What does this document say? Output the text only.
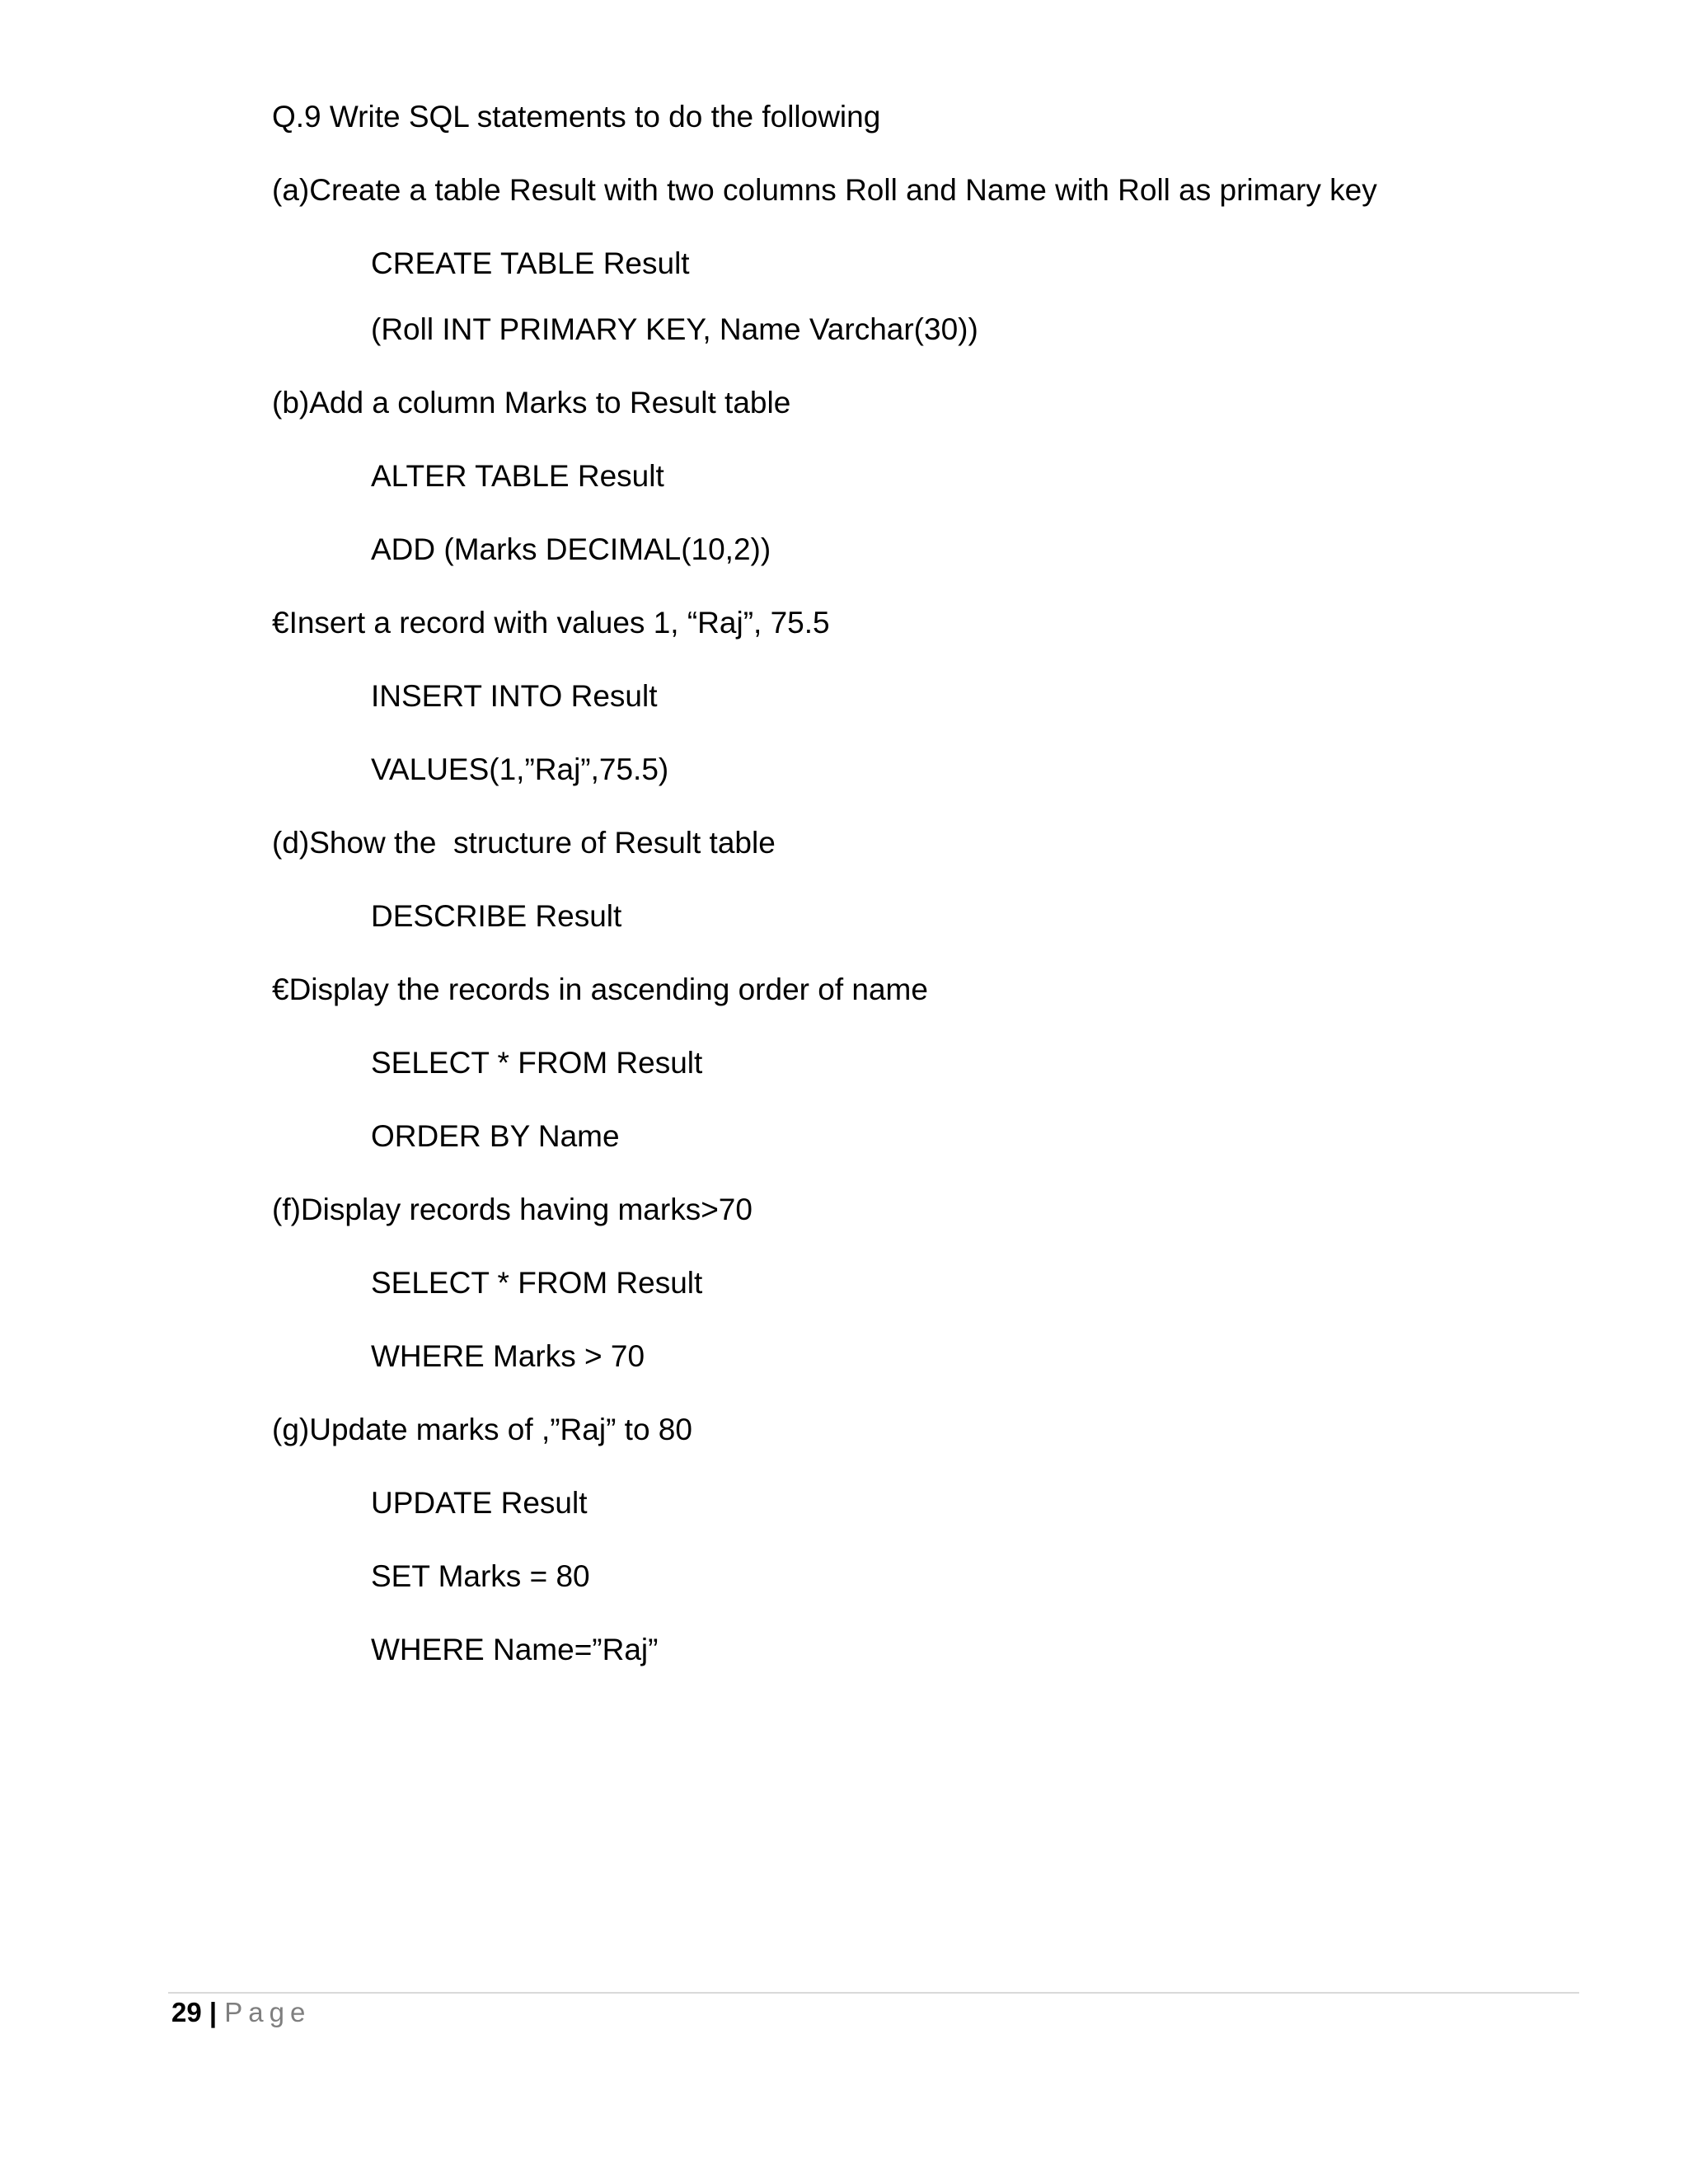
Q.9 Write SQL statements to do the following
(a)Create a table Result with two columns Roll and Name with Roll as primary key
CREATE TABLE Result
(Roll INT PRIMARY KEY, Name Varchar(30))
(b)Add a column Marks to Result table
ALTER TABLE Result
ADD (Marks DECIMAL(10,2))
€Insert a record with values 1, “Raj”, 75.5
INSERT INTO Result
VALUES(1,”Raj”,75.5)
(d)Show the  structure of Result table
DESCRIBE Result
€Display the records in ascending order of name
SELECT * FROM Result
ORDER BY Name
(f)Display records having marks>70
SELECT * FROM Result
WHERE Marks > 70
(g)Update marks of ,”Raj” to 80
UPDATE Result
SET Marks = 80
WHERE Name=”Raj”
29 | Page
